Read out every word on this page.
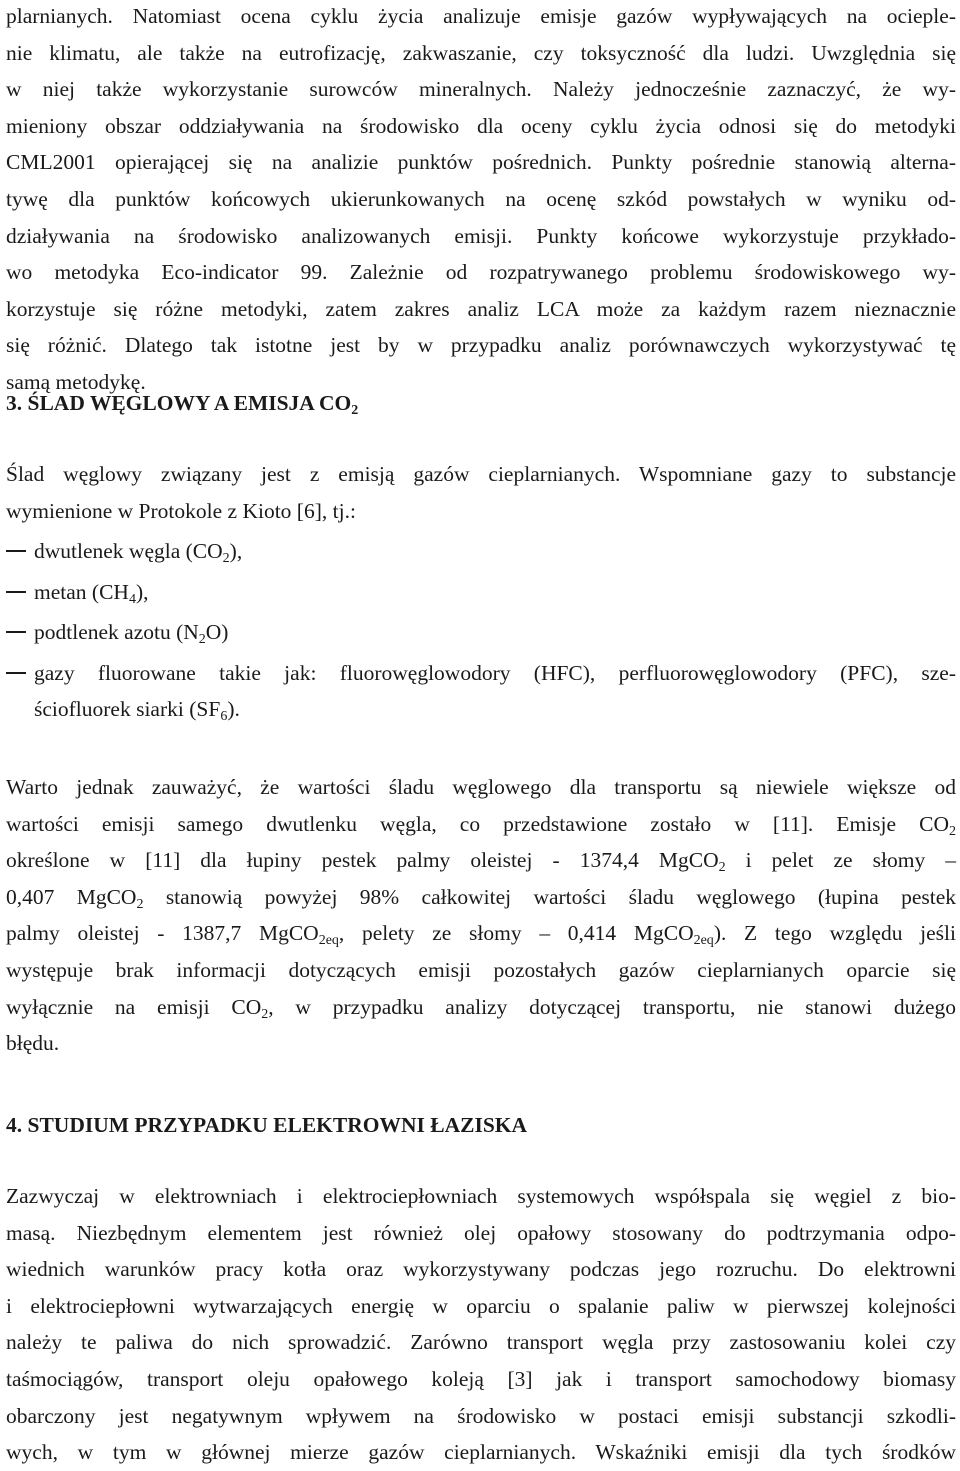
plarnianych. Natomiast ocena cyklu życia analizuje emisje gazów wypływających na ocieple-
nie klimatu, ale także na eutrofizację, zakwaszanie, czy toksyczność dla ludzi. Uwzględnia się
w niej także wykorzystanie surowców mineralnych. Należy jednocześnie zaznaczyć, że wy-
mieniony obszar oddziaływania na środowisko dla oceny cyklu życia odnosi się do metodyki
CML2001 opierającej się na analizie punktów pośrednich. Punkty pośrednie stanowią alterna-
tywę dla punktów końcowych ukierunkowanych na ocenę szkód powstałych w wyniku od-
działywania na środowisko analizowanych emisji. Punkty końcowe wykorzystuje przykłado-
wo metodyka Eco-indicator 99. Zależnie od rozpatrywanego problemu środowiskowego wy-
korzystuje się różne metodyki, zatem zakres analiz LCA może za każdym razem nieznacznie
się różnić. Dlatego tak istotne jest by w przypadku analiz porównawczych wykorzystywać tę
samą metodykę.
3. ŚLAD WĘGLOWY A EMISJA $CO_2$
Ślad węglowy związany jest z emisją gazów cieplarnianych. Wspomniane gazy to substancje
wymienione w Protokole z Kioto [6], tj.:
dwutlenek węgla $(CO_2)$,
metan $(CH_4)$,
podtlenek azotu $(N_2O)$
gazy fluorowane takie jak: fluorowęglowodory (HFC), perfluorowęglowodory (PFC), sze-
ściofluorek siarki $(SF_6)$.
Warto jednak zauważyć, że wartości śladu węglowego dla transportu są niewiele większe od
wartości emisji samego dwutlenku węgla, co przedstawione zostało w [11]. Emisje $CO_2$
określone w [11] dla łupiny pestek palmy oleistej - 1374,4 MgCO$_2$ i pelet ze słomy –
0,407 MgCO$_2$ stanowią powyżej 98% całkowitej wartości śladu węglowego (łupina pestek
palmy oleistej - 1387,7 MgCO$_{2eq}$, pelety ze słomy – 0,414 MgCO$_{2eq}$). Z tego względu jeśli
występuje brak informacji dotyczących emisji pozostałych gazów cieplarnianych oparcie się
wyłącznie na emisji $CO_2$, w przypadku analizy dotyczącej transportu, nie stanowi dużego
błędu.
4. STUDIUM PRZYPADKU ELEKTROWNI ŁAZISKA
Zazwyczaj w elektrowniach i elektrociepłowniach systemowych współspala się węgiel z bio-
masą. Niezbędnym elementem jest również olej opałowy stosowany do podtrzymania odpo-
wiednich warunków pracy kotła oraz wykorzystywany podczas jego rozruchu. Do elektrowni
i elektrociepłowni wytwarzających energię w oparciu o spalanie paliw w pierwszej kolejności
należy te paliwa do nich sprowadzić. Zarówno transport węgla przy zastosowaniu kolei czy
taśmociągów, transport oleju opałowego koleją [3] jak i transport samochodowy biomasy
obarczony jest negatywnym wpływem na środowisko w postaci emisji substancji szkodli-
wych, w tym w głównej mierze gazów cieplarnianych. Wskaźniki emisji dla tych środków
